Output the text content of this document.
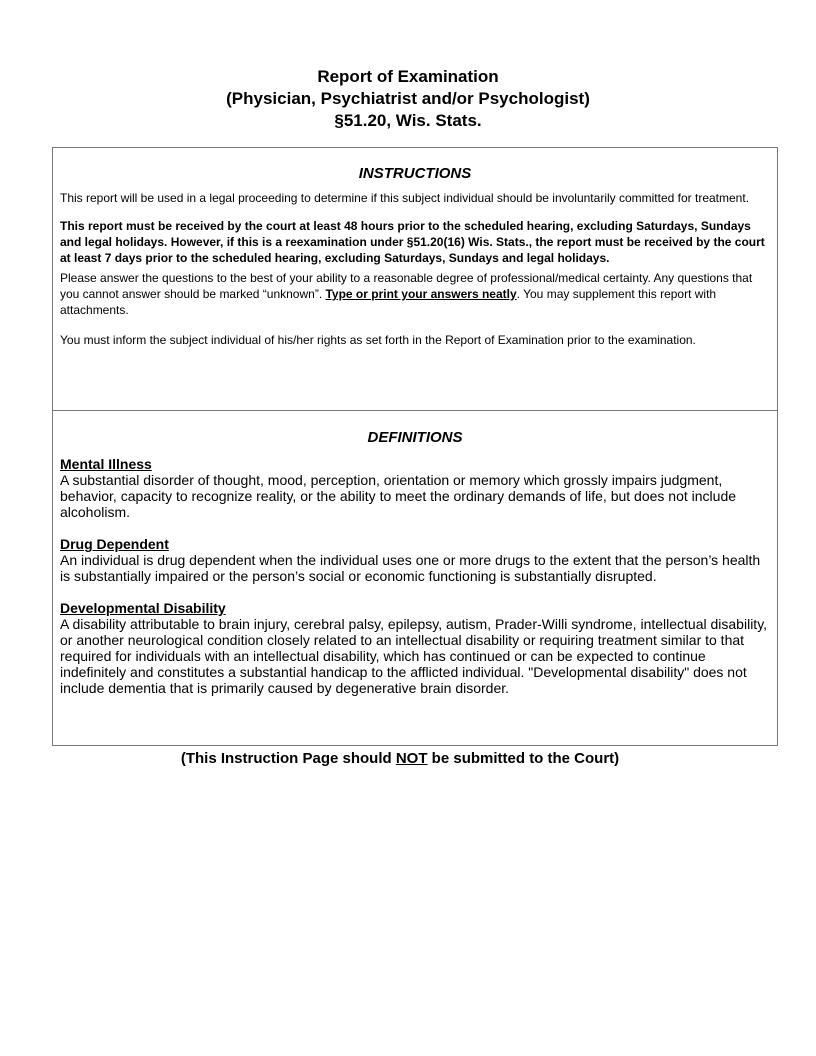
Report of Examination
(Physician, Psychiatrist and/or Psychologist)
§51.20, Wis. Stats.
INSTRUCTIONS

This report will be used in a legal proceeding to determine if this subject individual should be involuntarily committed for treatment.

This report must be received by the court at least 48 hours prior to the scheduled hearing, excluding Saturdays, Sundays and legal holidays. However, if this is a reexamination under §51.20(16) Wis. Stats., the report must be received by the court at least 7 days prior to the scheduled hearing, excluding Saturdays, Sundays and legal holidays.

Please answer the questions to the best of your ability to a reasonable degree of professional/medical certainty. Any questions that you cannot answer should be marked “unknown”. Type or print your answers neatly. You may supplement this report with attachments.

You must inform the subject individual of his/her rights as set forth in the Report of Examination prior to the examination.

DEFINITIONS

Mental Illness

A substantial disorder of thought, mood, perception, orientation or memory which grossly impairs judgment, behavior, capacity to recognize reality, or the ability to meet the ordinary demands of life, but does not include alcoholism.

Drug Dependent

An individual is drug dependent when the individual uses one or more drugs to the extent that the person’s health is substantially impaired or the person’s social or economic functioning is substantially disrupted.

Developmental Disability

A disability attributable to brain injury, cerebral palsy, epilepsy, autism, Prader-Willi syndrome, intellectual disability, or another neurological condition closely related to an intellectual disability or requiring treatment similar to that required for individuals with an intellectual disability, which has continued or can be expected to continue indefinitely and constitutes a substantial handicap to the afflicted individual. "Developmental disability" does not include dementia that is primarily caused by degenerative brain disorder.

(This Instruction Page should NOT be submitted to the Court)
